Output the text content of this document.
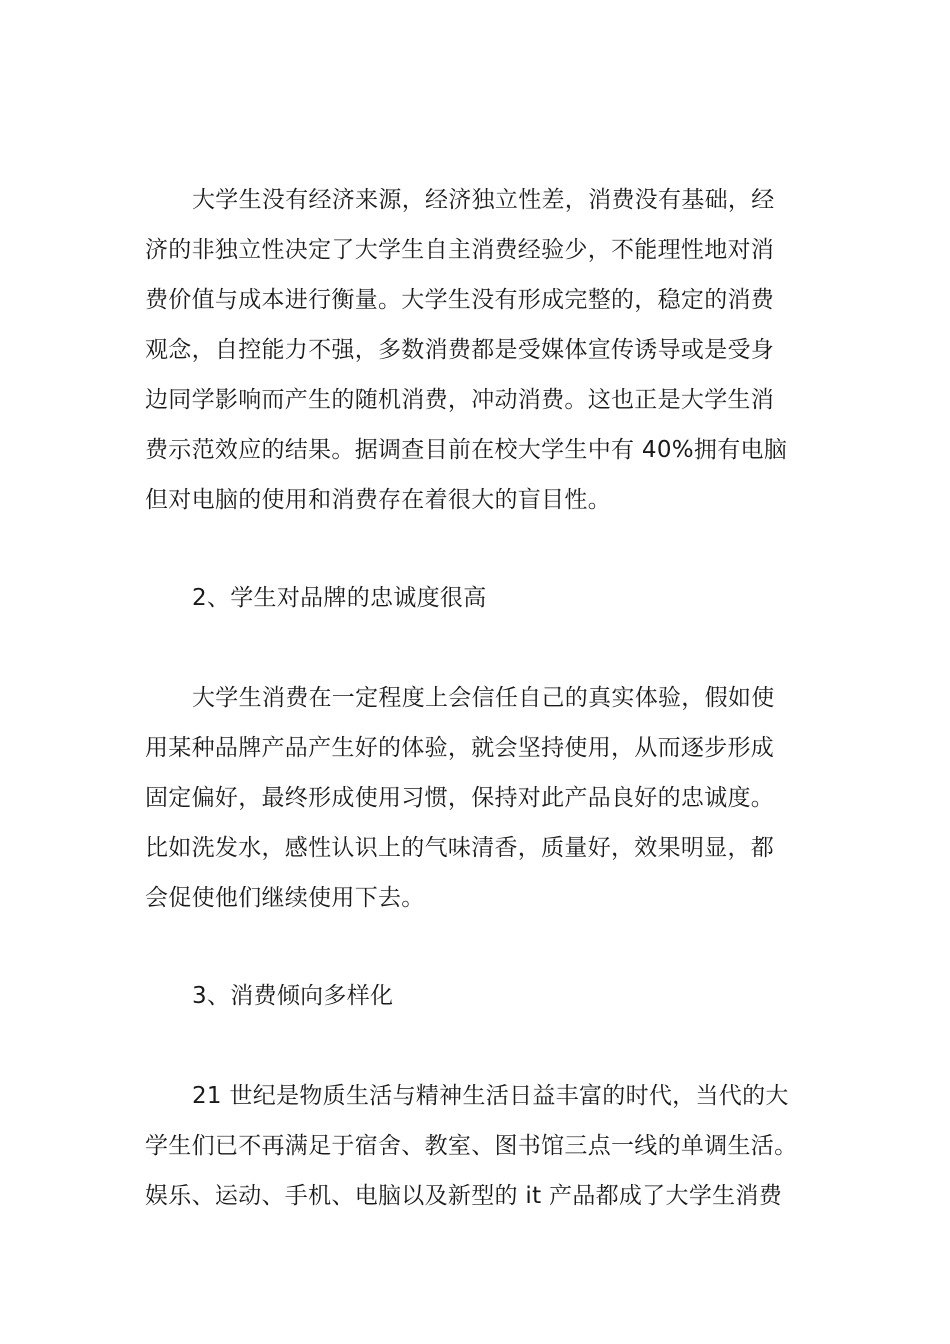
大学生没有经济来源，经济独立性差，消费没有基础，经
济的非独立性决定了大学生自主消费经验少，不能理性地对消
费价值与成本进行衡量。大学生没有形成完整的，稳定的消费
观念，自控能力不强，多数消费都是受媒体宣传诱导或是受身
边同学影响而产生的随机消费，冲动消费。这也正是大学生消
费示范效应的结果。据调查目前在校大学生中有 40%拥有电脑
但对电脑的使用和消费存在着很大的盲目性。
2、学生对品牌的忠诚度很高
大学生消费在一定程度上会信任自己的真实体验，假如使
用某种品牌产品产生好的体验，就会坚持使用，从而逐步形成
固定偏好，最终形成使用习惯，保持对此产品良好的忠诚度。
比如洗发水，感性认识上的气味清香，质量好，效果明显，都
会促使他们继续使用下去。
3、消费倾向多样化
21 世纪是物质生活与精神生活日益丰富的时代，当代的大
学生们已不再满足于宿舍、教室、图书馆三点一线的单调生活。
娱乐、运动、手机、电脑以及新型的 it 产品都成了大学生消费
